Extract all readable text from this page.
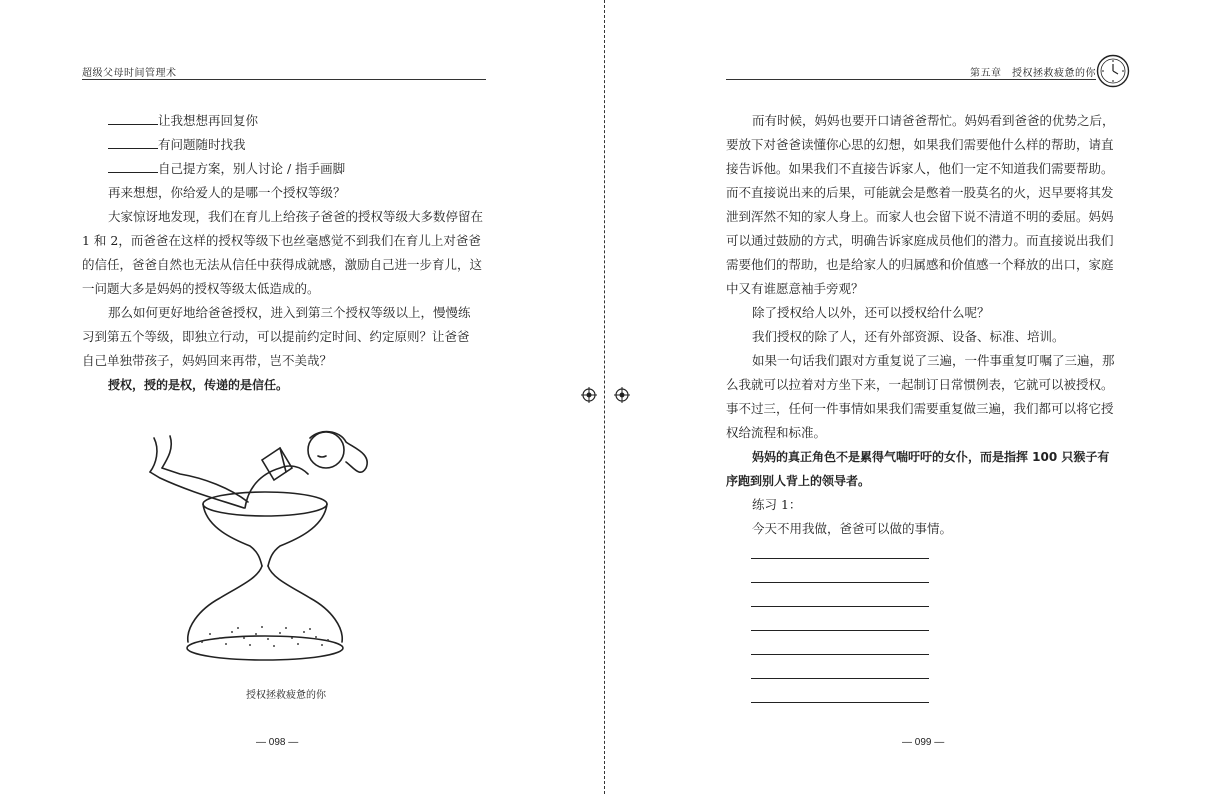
超级父母时间管理术
让我想想再回复你
有问题随时找我
自己提方案，别人讨论 / 指手画脚
再来想想，你给爱人的是哪一个授权等级？
大家惊讶地发现，我们在育儿上给孩子爸爸的授权等级大多数停留在
1 和 2，而爸爸在这样的授权等级下也丝毫感觉不到我们在育儿上对爸爸
的信任，爸爸自然也无法从信任中获得成就感，激励自己进一步育儿，这
一问题大多是妈妈的授权等级太低造成的。
那么如何更好地给爸爸授权，进入到第三个授权等级以上，慢慢练
习到第五个等级，即独立行动，可以提前约定时间、约定原则？让爸爸
自己单独带孩子，妈妈回来再带，岂不美哉？
授权，授的是权，传递的是信任。
授权拯救疲惫的你
— 098 —
第五章　授权拯救疲惫的你
而有时候，妈妈也要开口请爸爸帮忙。妈妈看到爸爸的优势之后，
要放下对爸爸读懂你心思的幻想，如果我们需要他什么样的帮助，请直
接告诉他。如果我们不直接告诉家人，他们一定不知道我们需要帮助。
而不直接说出来的后果，可能就会是憋着一股莫名的火，迟早要将其发
泄到浑然不知的家人身上。而家人也会留下说不清道不明的委屈。妈妈
可以通过鼓励的方式，明确告诉家庭成员他们的潜力。而直接说出我们
需要他们的帮助，也是给家人的归属感和价值感一个释放的出口，家庭
中又有谁愿意袖手旁观？
除了授权给人以外，还可以授权给什么呢？
我们授权的除了人，还有外部资源、设备、标准、培训。
如果一句话我们跟对方重复说了三遍，一件事重复叮嘱了三遍，那
么我就可以拉着对方坐下来，一起制订日常惯例表，它就可以被授权。
事不过三，任何一件事情如果我们需要重复做三遍，我们都可以将它授
权给流程和标准。
妈妈的真正角色不是累得气喘吁吁的女仆，而是指挥 100 只猴子有
序跑到别人背上的领导者。
练习 1：
今天不用我做，爸爸可以做的事情。
— 099 —
